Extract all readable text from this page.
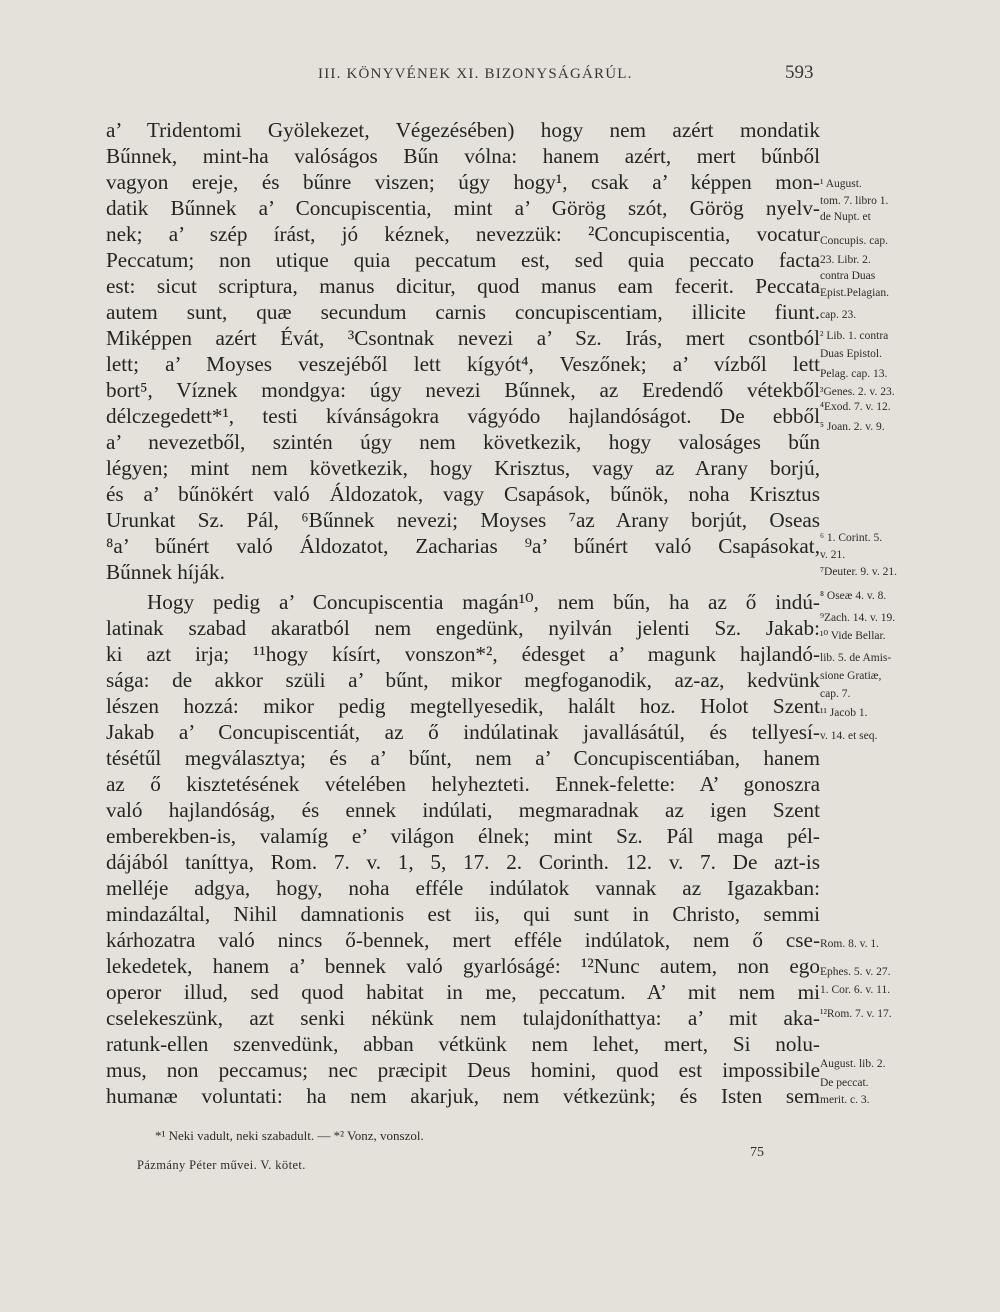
III. KÖNYVÉNEK XI. BIZONYSÁGÁRÚL.	593
a’ Tridentomi Gyölekezet, Végezésében) hogy nem azért mondatik
Bűnnek, mint-ha valóságos Bűn vólna: hanem azért, mert bűnből
vagyon ereje, és bűnre viszen; úgy hogy¹, csak a’ képpen mon-
datik Bűnnek a’ Concupiscentia, mint a’ Görög szót, Görög nyelv-
nek; a’ szép írást, jó kéznek, nevezzük: ²Concupiscentia, vocatur
Peccatum; non utique quia peccatum est, sed quia peccato facta
est: sicut scriptura, manus dicitur, quod manus eam fecerit. Peccata
autem sunt, quæ secundum carnis concupiscentiam, illicite fiunt.
Miképpen azért Évát, ³Csontnak nevezi a’ Sz. Irás, mert csontból
lett; a’ Moyses veszejéből lett kígyót⁴, Veszőnek; a’ vízből lett
bort⁵, Víznek mondgya: úgy nevezi Bűnnek, az Eredendő vétekből
délczegedett*¹, testi kívánságokra vágyódo hajlandóságot. De ebből
a’ nevezetből, szintén úgy nem következik, hogy valoságes bűn
légyen; mint nem következik, hogy Krisztus, vagy az Arany borjú,
és a’ bűnökért való Áldozatok, vagy Csapások, bűnök, noha Krisztus
Urunkat Sz. Pál, ⁶Bűnnek nevezi; Moyses ⁷az Arany borjút, Oseas
⁸a’ bűnért való Áldozatot, Zacharias ⁹a’ bűnért való Csapásokat,
Bűnnek híják.
Hogy pedig a’ Concupiscentia magán¹⁰, nem bűn, ha az ő indú-
latinak szabad akaratból nem engedünk, nyilván jelenti Sz. Jakab:
ki azt irja; ¹¹hogy kísírt, vonszon*², édesget a’ magunk hajlandó-
sága: de akkor szüli a’ bűnt, mikor megfoganodik, az-az, kedvünk
lészen hozzá: mikor pedig megtellyesedik, halált hoz. Holot Szent
Jakab a’ Concupiscentiát, az ő indúlatinak javallásátúl, és tellyesí-
tésétűl megválasztya; és a’ bűnt, nem a’ Concupiscentiában, hanem
az ő kisztetésének vételében helyhezteti. Ennek-felette: A’ gonoszra
való hajlandóság, és ennek indúlati, megmaradnak az igen Szent
emberekben-is, valamíg e’ világon élnek; mint Sz. Pál maga pél-
dájából taníttya, Rom. 7. v. 1, 5, 17. 2. Corinth. 12. v. 7. De azt-is
melléje adgya, hogy, noha efféle indúlatok vannak az Igazakban:
mindazáltal, Nihil damnationis est iis, qui sunt in Christo, semmi
kárhozatra való nincs ő-bennek, mert efféle indúlatok, nem ő cse-
lekedetek, hanem a’ bennek való gyarlóságé: ¹²Nunc autem, non ego
operor illud, sed quod habitat in me, peccatum. A’ mit nem mi
cselekeszünk, azt senki nékünk nem tulajdoníthattya: a’ mit aka-
ratunk-ellen szenvedünk, abban vétkünk nem lehet, mert, Si nolu-
mus, non peccamus; nec præcipit Deus homini, quod est impossibile
humanæ voluntati: ha nem akarjuk, nem vétkezünk; és Isten sem
¹ August.
tom. 7. libro 1.
de Nupt. et
Concupis. cap.
23. Libr. 2.
contra Duas
Epist.Pelagian.
cap. 23.
² Lib. 1. contra
Duas Epistol.
Pelag. cap. 13.
³Genes. 2. v. 23.
⁴Exod. 7. v. 12.
⁵ Joan. 2. v. 9.
⁶ 1. Corint. 5.
v. 21.
⁷Deuter. 9. v. 21.
⁸ Oseæ 4. v. 8.
⁹Zach. 14. v. 19.
¹⁰ Vide Bellar.
lib. 5. de Amis-
sione Gratiæ,
cap. 7.
¹¹ Jacob 1.
v. 14. et seq.
Rom. 8. v. 1.
Ephes. 5. v. 27.
1. Cor. 6. v. 11.
¹²Rom. 7. v. 17.
August. lib. 2.
De peccat.
merit. c. 3.
*¹ Neki vadult, neki szabadult. — *² Vonz, vonszol.
75
Pázmány Péter művei. V. kötet.
